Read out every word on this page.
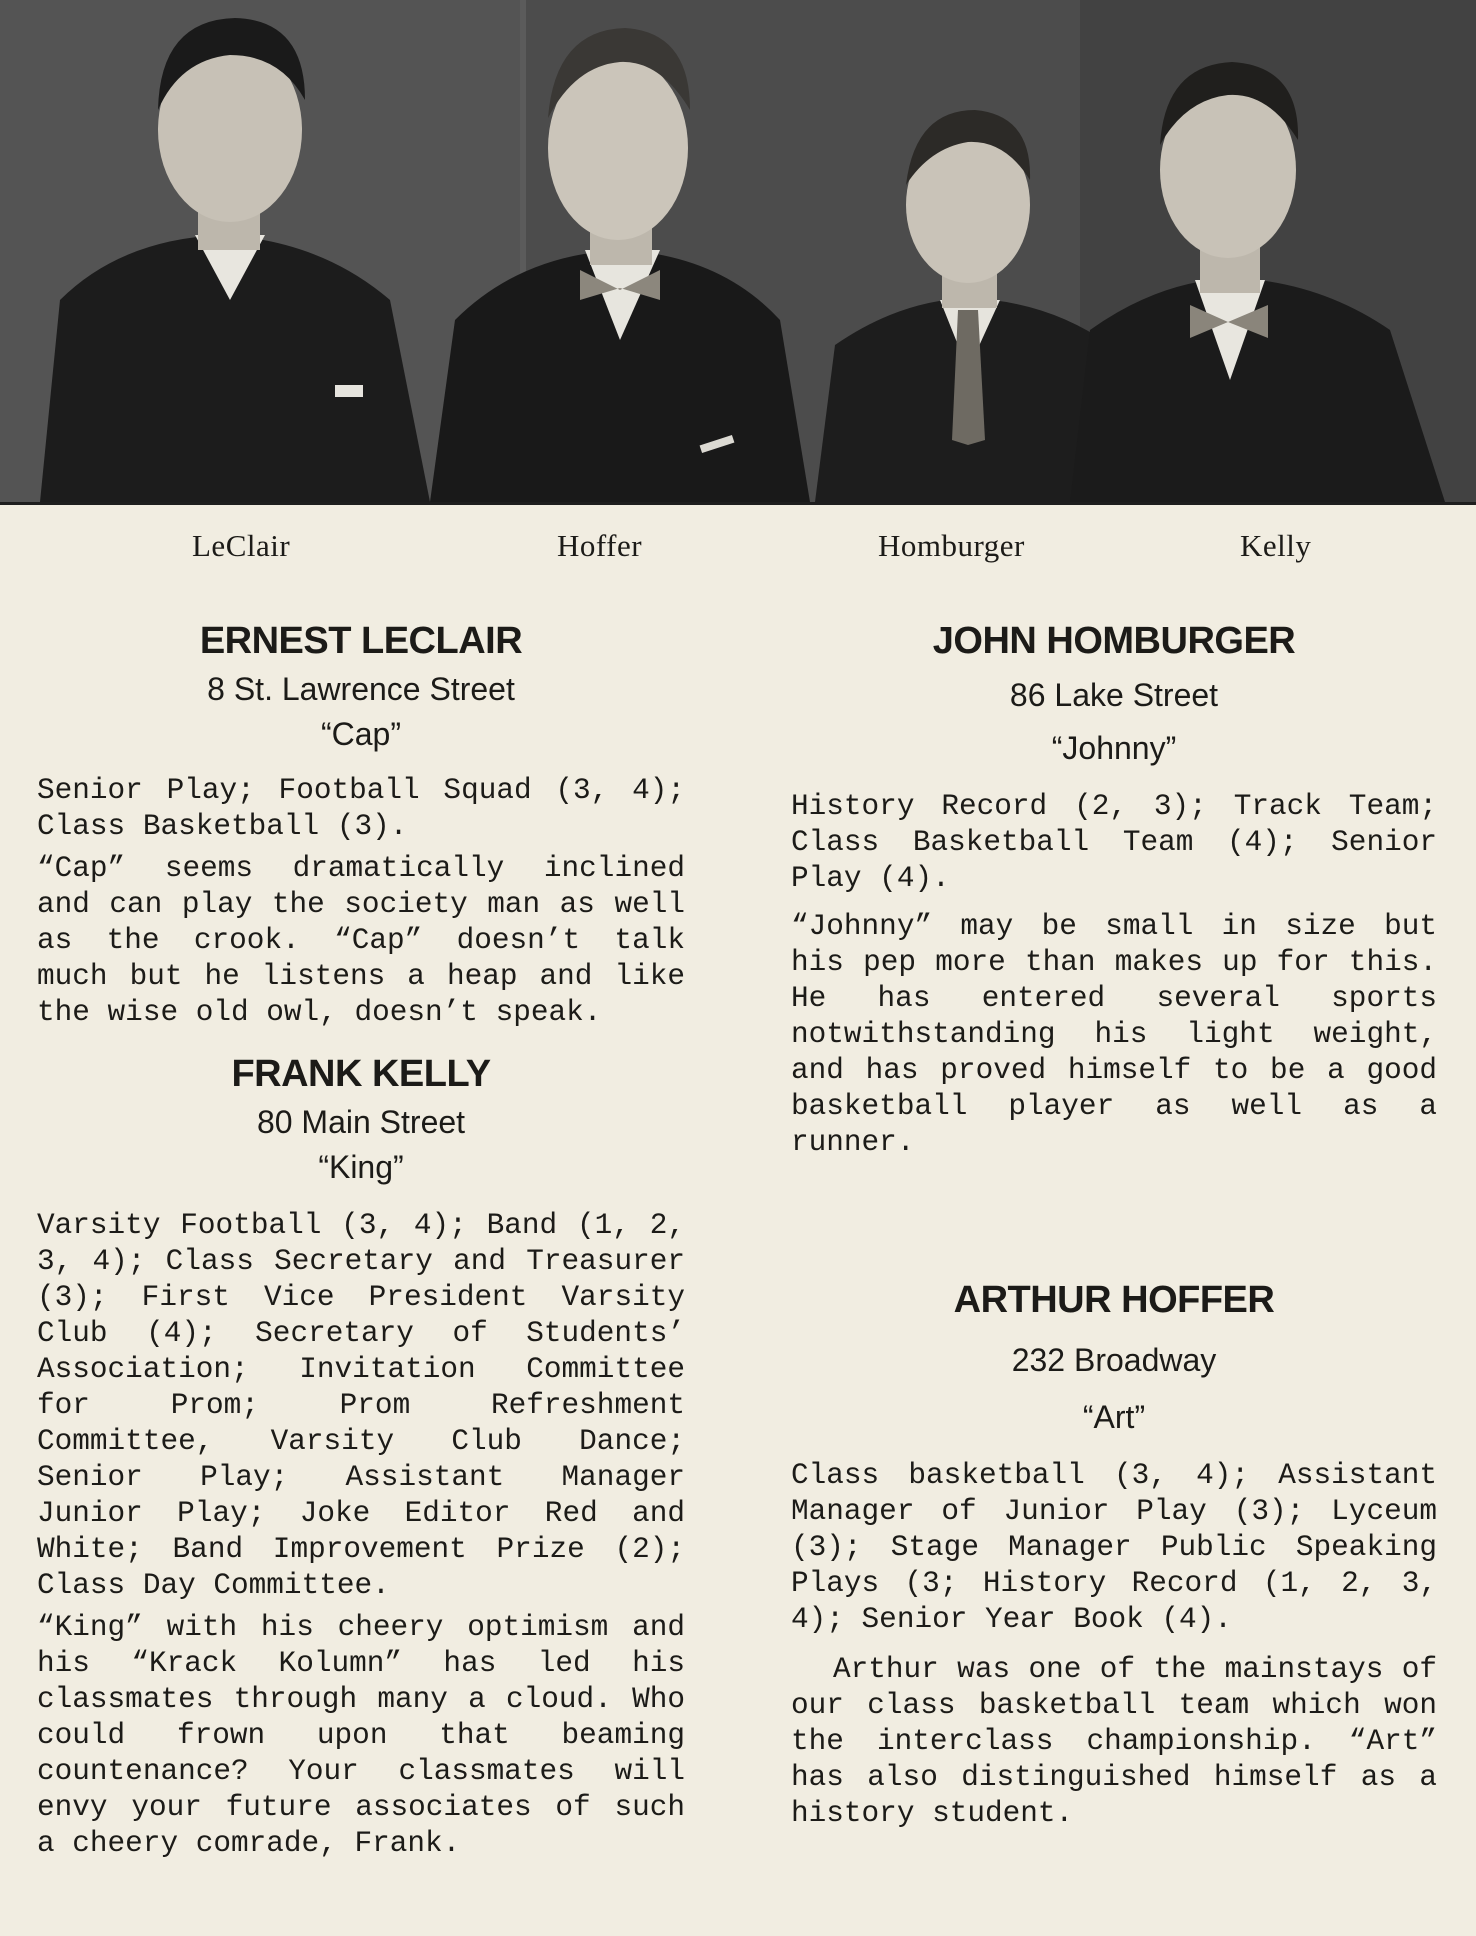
LeClair	Hoffer	Homburger	Kelly
ERNEST LECLAIR
8 St. Lawrence Street
“Cap”

Senior Play; Football Squad (3, 4); Class Basketball (3).

“Cap” seems dramatically inclined and can play the society man as well as the crook. “Cap” doesn’t talk much but he listens a heap and like the wise old owl, doesn’t speak.

FRANK KELLY
80 Main Street
“King”

Varsity Football (3, 4); Band (1, 2, 3, 4); Class Secretary and Treasurer (3); First Vice President Varsity Club (4); Secretary of Students’ Association; Invitation Committee for Prom; Prom Refreshment Committee, Varsity Club Dance; Senior Play; Assistant Manager Junior Play; Joke Editor Red and White; Band Improvement Prize (2); Class Day Committee.

“King” with his cheery optimism and his “Krack Kolumn” has led his classmates through many a cloud. Who could frown upon that beaming countenance? Your classmates will envy your future associates of such a cheery comrade, Frank.

JOHN HOMBURGER
86 Lake Street
“Johnny”

History Record (2, 3); Track Team; Class Basketball Team (4); Senior Play (4).

“Johnny” may be small in size but his pep more than makes up for this. He has entered several sports notwithstanding his light weight, and has proved himself to be a good basketball player as well as a runner.

ARTHUR HOFFER
232 Broadway
“Art”

Class basketball (3, 4); Assistant Manager of Junior Play (3); Lyceum (3); Stage Manager Public Speaking Plays (3; History Record (1, 2, 3, 4); Senior Year Book (4).

Arthur was one of the mainstays of our class basketball team which won the interclass championship. “Art” has also distinguished himself as a history student.
